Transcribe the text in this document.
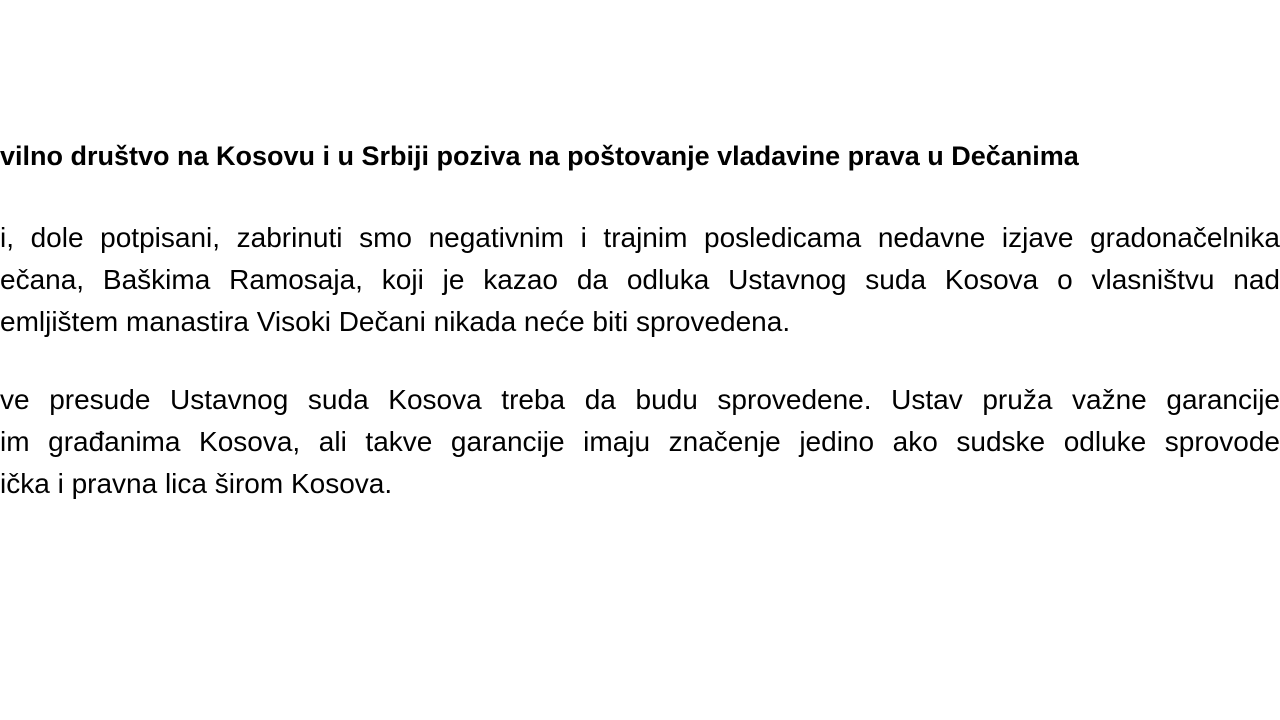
vilno društvo na Kosovu i u Srbiji poziva na poštovanje vladavine prava u Dečanima
i, dole potpisani, zabrinuti smo negativnim i trajnim posledicama nedavne izjave gradonačelnika
ečana, Baškima Ramosaja, koji je kazao da odluka Ustavnog suda Kosova o vlasništvu nad
emljištem manastira Visoki Dečani nikada neće biti sprovedena.
ve presude Ustavnog suda Kosova treba da budu sprovedene. Ustav pruža važne garancije
im građanima Kosova, ali takve garancije imaju značenje jedino ako sudske odluke sprovode
ička i pravna lica širom Kosova.
